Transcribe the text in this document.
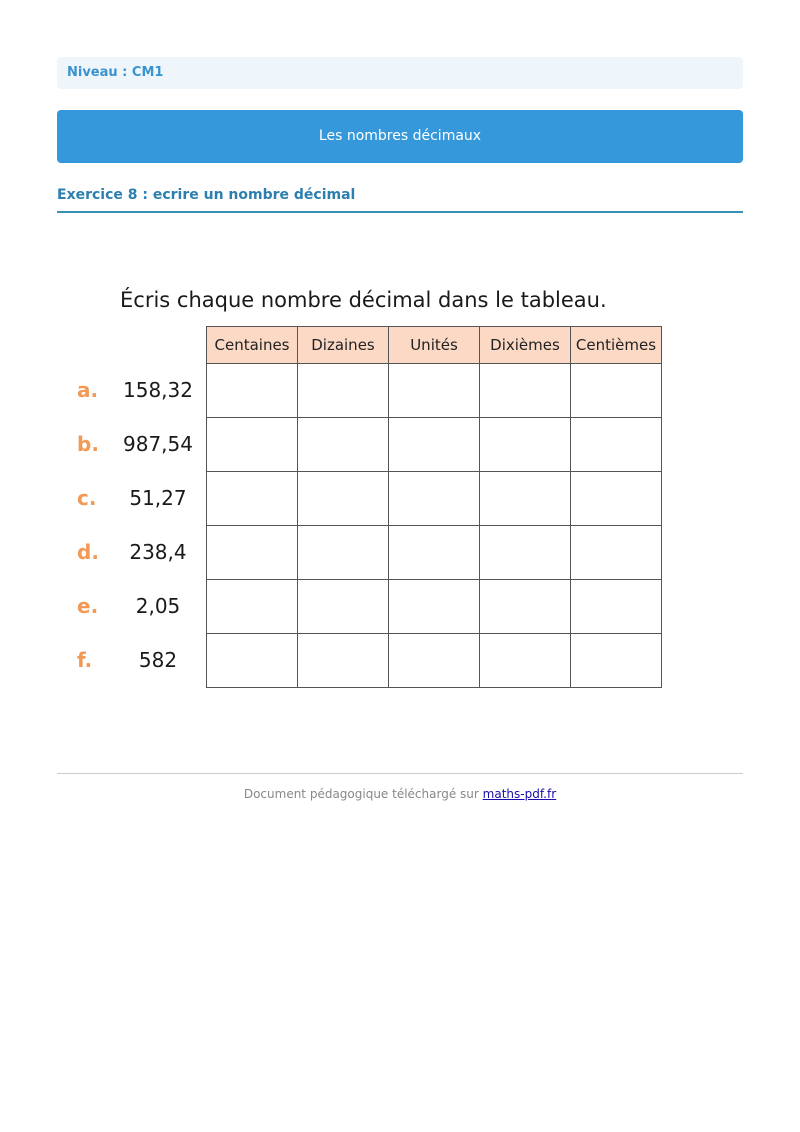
Niveau : CM1
Les nombres décimaux
Exercice 8 : ecrire un nombre décimal
Écris chaque nombre décimal dans le tableau.
Centaines	Dizaines	Unités	Dixièmes	Centièmes

a. 158,32
b. 987,54
c.	51,27
d.	238,4
e.	2,05
f.	582
Document pédagogique téléchargé sur maths-pdf.fr
